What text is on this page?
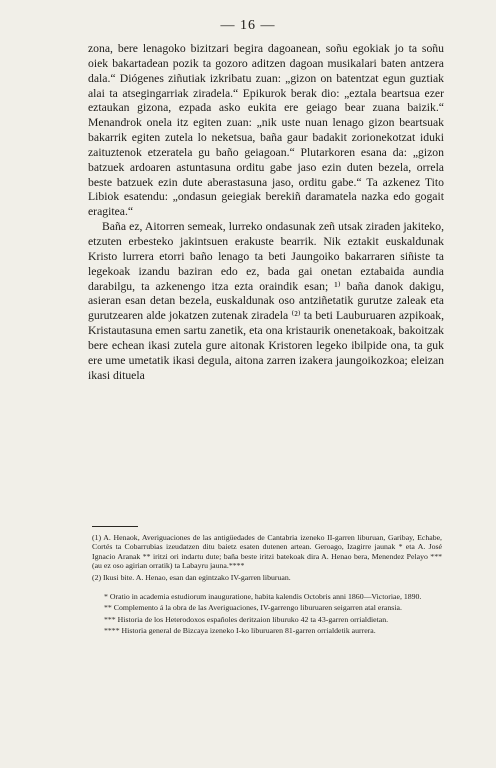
— 16 —

zona, bere lenagoko bizitzari begira dagoanean, soñu egokiak jo ta soñu oiek bakartadean pozik ta gozoro aditzen dagoan musikalari baten antzera dala.“ Diógenes ziñutiak izkribatu zuan: „gizon on batentzat egun guztiak alai ta atsegingarriak ziradela.“ Epikurok berak dio: „eztala beartsua ezer eztaukan gizona, ezpada asko eukita ere geiago bear zuana baizik.“ Menandrok onela itz egiten zuan: „nik uste nuan lenago gizon beartsuak bakarrik egiten zutela lo neketsua, baña gaur badakit zorionekotzat iduki zaituztenok etzeratela gu baño geiagoan.“ Plutarkoren esana da: „gizon batzuek ardoaren astuntasuna orditu gabe jaso ezin duten bezela, orrela beste batzuek ezin dute aberastasuna jaso, orditu gabe.“ Ta azkenez Tito Libiok esatendu: „ondasun geiegiak berekiñ daramatela nazka edo gogait eragitea.“

Baña ez, Aitorren semeak, lurreko ondasunak zeñ utsak ziraden jakiteko, etzuten erbesteko jakintsuen erakuste bearrik. Nik eztakit euskaldunak Kristo lurrera etorri baño lenago ta beti Jaungoiko bakarraren siñiste ta legekoak izandu baziran edo ez, bada gai onetan eztabaida aundia darabilgu, ta azkenengo itza ezta oraindik esan; ¹⁾ baña danok dakigu, asieran esan detan bezela, euskaldunak oso antziñetatik gurutze zaleak eta gurutzearen alde jokatzen zutenak ziradela ⁽²⁾ ta beti Lauburuaren azpikoak, Kristautasuna emen sartu zanetik, eta ona kristaurik onenetakoak, bakoitzak bere echean ikasi zutela gure aitonak Kristoren legeko ibilpide ona, ta guk ere ume umetatik ikasi degula, aitona zarren izakera jaungoikozkoa; eleizan ikasi dituela

(1) A. Henaok, Averiguaciones de las antigüedades de Cantabria izeneko II-garren liburuan, Garibay, Echabe, Cortés ta Cobarrubias izeudatzen ditu baietz esaten dutenen artean. Geroago, Izagirre jaunak * eta A. José Ignacio Aranak ** iritzi ori indartu dute; baña beste iritzi batekoak dira A. Henao bera, Menendez Pelayo *** (au ez oso agirian orratik) ta Labayru jauna.****

(2) Ikusi bite. A. Henao, esan dan egintzako IV-garren liburuan.

* Oratio in academia estudiorum inauguratione, habita kalendis Octobris anni 1860—Victoriae, 1890.

** Complemento á la obra de las Averiguaciones, IV-garrengo liburuaren seigarren atal eransia.

*** Historia de los Heterodoxos españoles deritzaion liburuko 42 ta 43-garren orrialdietan.

**** Historia general de Bizcaya izeneko I-ko liburuaren 81-garren orrialdetik aurrera.
